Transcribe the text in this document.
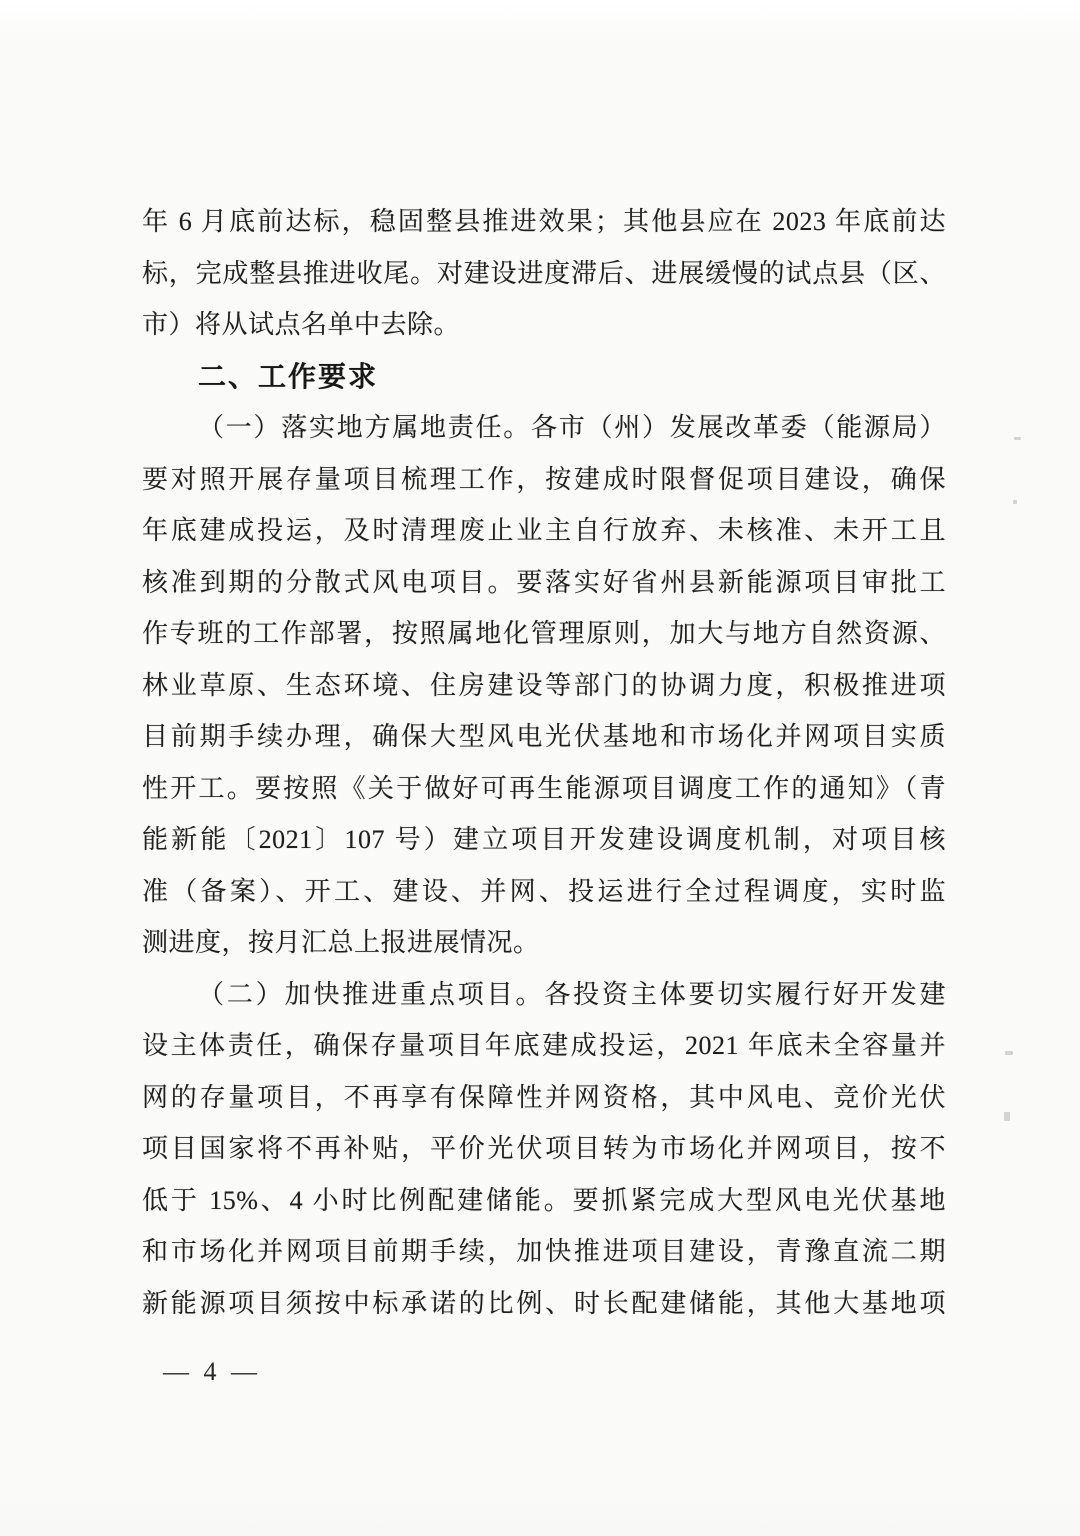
年 6 月底前达标，稳固整县推进效果；其他县应在 2023 年底前达
标，完成整县推进收尾。对建设进度滞后、进展缓慢的试点县（区、
市）将从试点名单中去除。
二、工作要求
（一）落实地方属地责任。各市（州）发展改革委（能源局）
要对照开展存量项目梳理工作，按建成时限督促项目建设，确保
年底建成投运，及时清理废止业主自行放弃、未核准、未开工且
核准到期的分散式风电项目。要落实好省州县新能源项目审批工
作专班的工作部署，按照属地化管理原则，加大与地方自然资源、
林业草原、生态环境、住房建设等部门的协调力度，积极推进项
目前期手续办理，确保大型风电光伏基地和市场化并网项目实质
性开工。要按照《关于做好可再生能源项目调度工作的通知》（青
能新能〔2021〕107 号）建立项目开发建设调度机制，对项目核
准（备案）、开工、建设、并网、投运进行全过程调度，实时监
测进度，按月汇总上报进展情况。
（二）加快推进重点项目。各投资主体要切实履行好开发建
设主体责任，确保存量项目年底建成投运，2021 年底未全容量并
网的存量项目，不再享有保障性并网资格，其中风电、竞价光伏
项目国家将不再补贴，平价光伏项目转为市场化并网项目，按不
低于 15%、4 小时比例配建储能。要抓紧完成大型风电光伏基地
和市场化并网项目前期手续，加快推进项目建设，青豫直流二期
新能源项目须按中标承诺的比例、时长配建储能，其他大基地项
— 4 —
